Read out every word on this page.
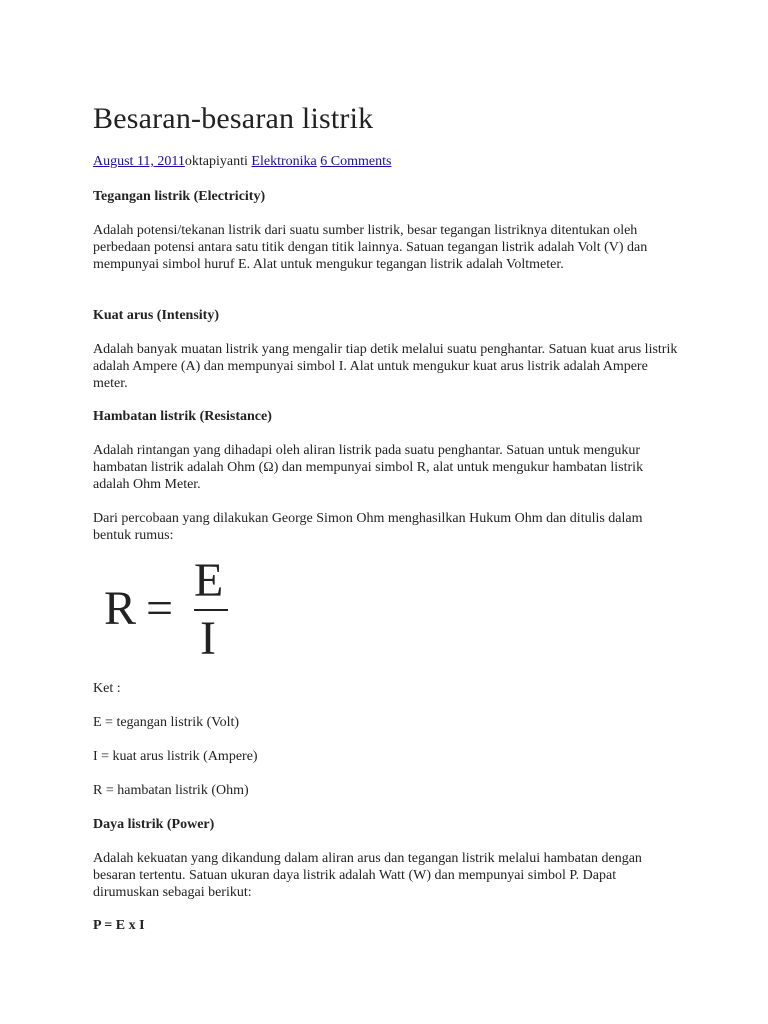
Besaran-besaran listrik
August 11, 2011oktapiyanti Elektronika 6 Comments

Tegangan listrik (Electricity)

Adalah potensi/tekanan listrik dari suatu sumber listrik, besar tegangan listriknya ditentukan oleh perbedaan potensi antara satu titik dengan titik lainnya. Satuan tegangan listrik adalah Volt (V) dan mempunyai simbol huruf E. Alat untuk mengukur tegangan listrik adalah Voltmeter.

Kuat arus (Intensity)

Adalah banyak muatan listrik yang mengalir tiap detik melalui suatu penghantar. Satuan kuat arus listrik adalah Ampere (A) dan mempunyai simbol I. Alat untuk mengukur kuat arus listrik adalah Ampere meter.

Hambatan listrik (Resistance)

Adalah rintangan yang dihadapi oleh aliran listrik pada suatu penghantar. Satuan untuk mengukur hambatan listrik adalah Ohm (Ω) dan mempunyai simbol R, alat untuk mengukur hambatan listrik adalah Ohm Meter.

Dari percobaan yang dilakukan George Simon Ohm menghasilkan Hukum Ohm dan ditulis dalam bentuk rumus:

Ket :

E = tegangan listrik (Volt)

I = kuat arus listrik (Ampere)

R = hambatan listrik (Ohm)

Daya listrik (Power)

Adalah kekuatan yang dikandung dalam aliran arus dan tegangan listrik melalui hambatan dengan besaran tertentu. Satuan ukuran daya listrik adalah Watt (W) dan mempunyai simbol P. Dapat dirumuskan sebagai berikut:

P = E x I

R =
E
I
